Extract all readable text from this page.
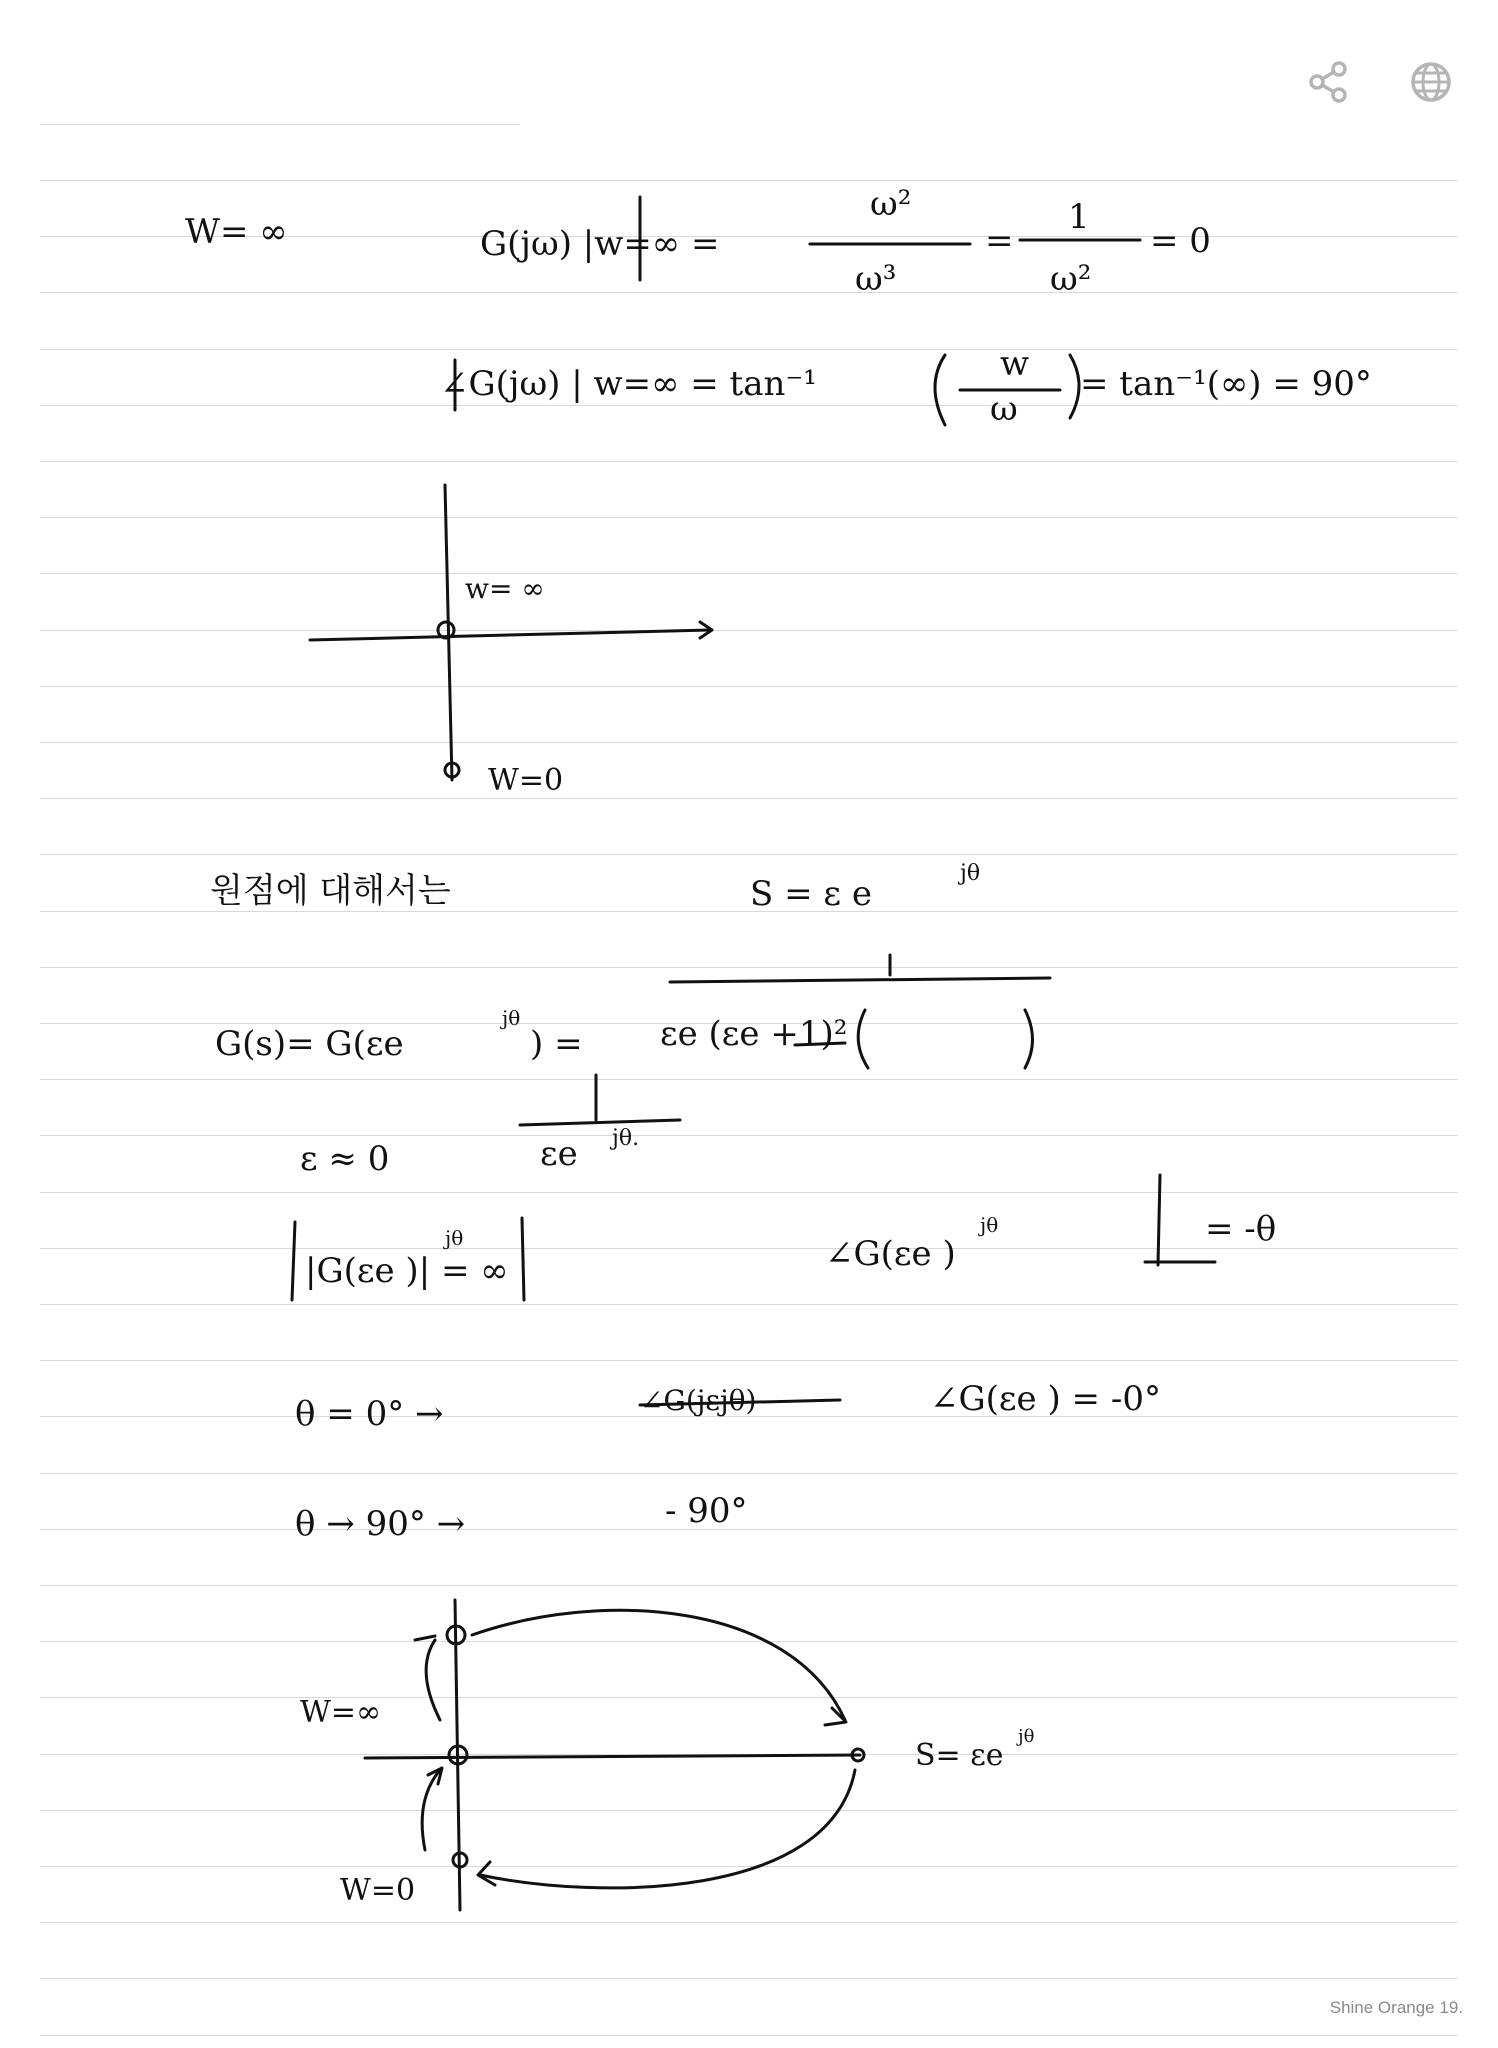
W= ∞	G(jω) |w=∞ =
ω²
ω³
=
1
ω²
= 0
∠G(jω) | w=∞ = tan⁻¹	w
ω
= tan⁻¹(∞) = 90°
w= ∞
W=0
원점에 대해서는	S = ε e
jθ
G(s)= G(εe
jθ
) = εe (εe +1)²
ε ≈ 0	εe jθ.
|G(εe )| = ∞
jθ	∠G(εe )
jθ	= -θ
θ = 0° →	∠G(jεjθ)	∠G(εe ) = -0°
θ → 90° →	- 90°
W=∞
W=0
S= εe
jθ
Shine Orange 19.
